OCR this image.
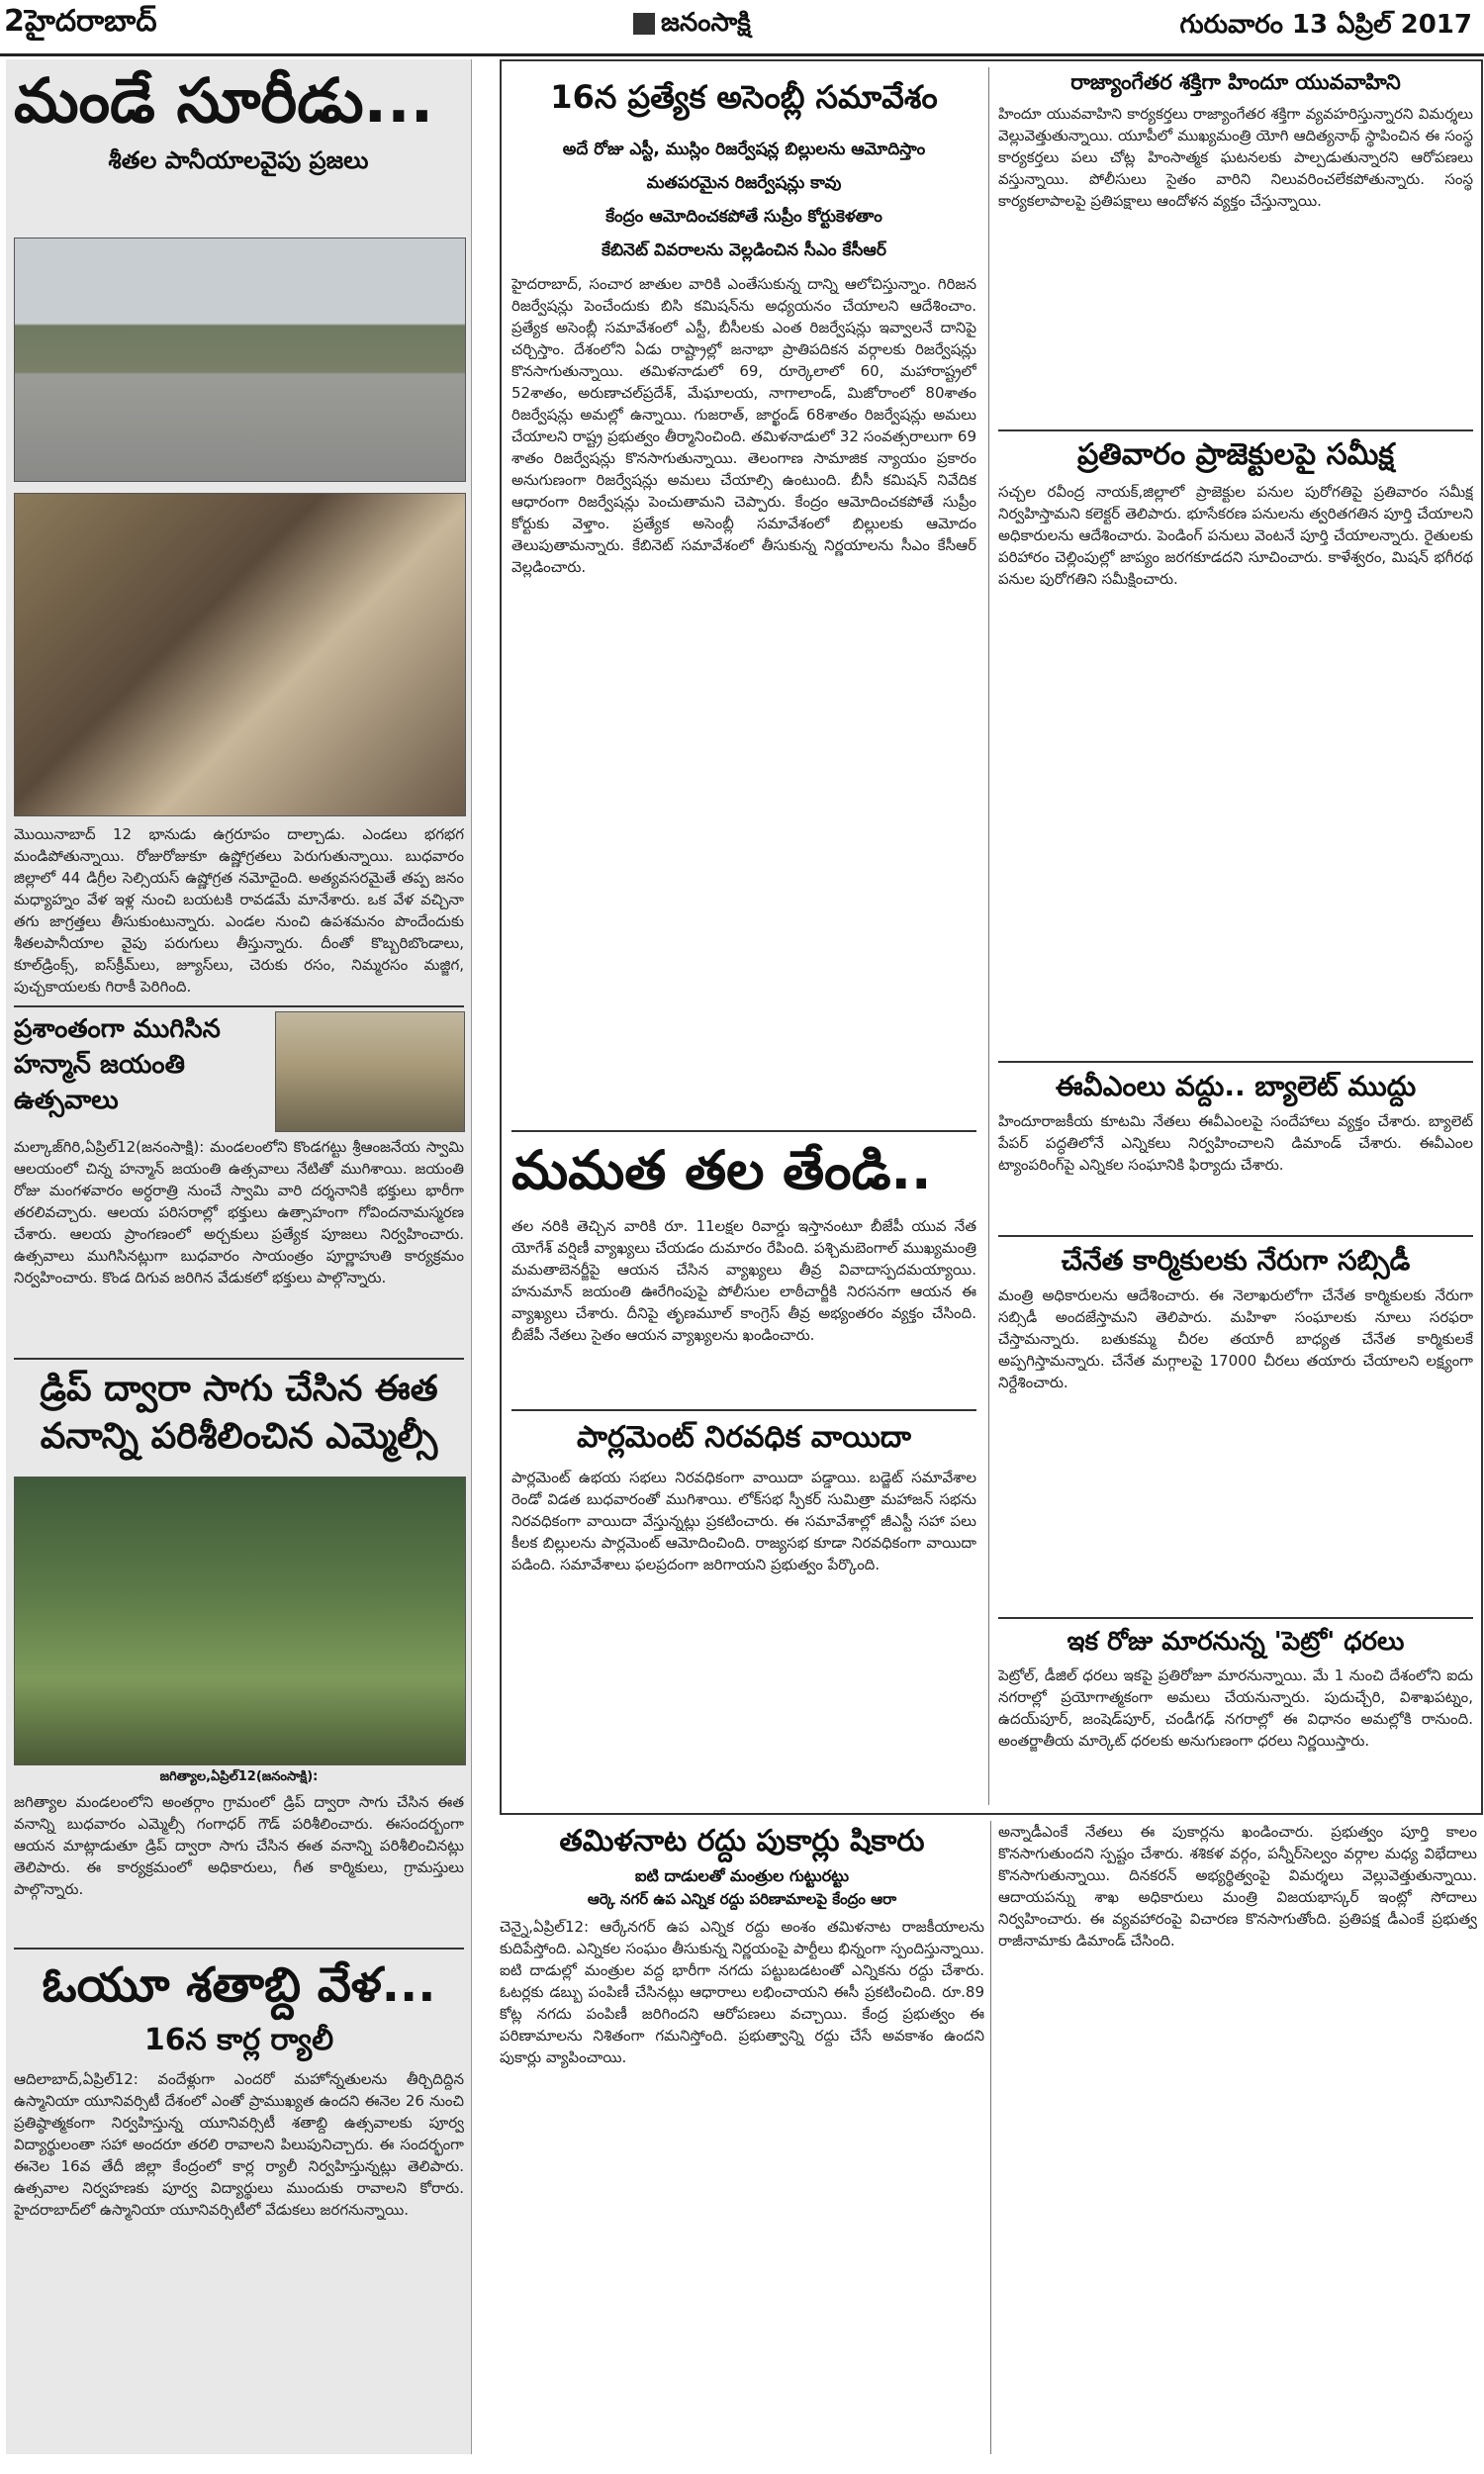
2హైదరాబాద్	జనంసాక్షి	గురువారం 13 ఏప్రిల్ 2017
మండే సూరీడు...
శీతల పానీయాలవైపు ప్రజలు

మొయినాబాద్ 12 భానుడు ఉగ్రరూపం దాల్చాడు. ఎండలు భగభగ మండిపోతున్నాయి. రోజురోజుకూ ఉష్ణోగ్రతలు పెరుగుతున్నాయి. బుధవారం జిల్లాలో 44 డిగ్రీల సెల్సియస్ ఉష్ణోగ్రత నమోదైంది. అత్యవసరమైతే తప్ప జనం మధ్యాహ్నం వేళ ఇళ్ల నుంచి బయటకి రావడమే మానేశారు. ఒక వేళ వచ్చినా తగు జాగ్రత్తలు తీసుకుంటున్నారు. ఎండల నుంచి ఉపశమనం పొందేందుకు శీతలపానీయాల వైపు పరుగులు తీస్తున్నారు. దీంతో కొబ్బరిబొండాలు, కూల్‌డ్రింక్స్, ఐస్‌క్రీమ్‌లు, జ్యూస్‌లు, చెరుకు రసం, నిమ్మరసం మజ్జిగ, పుచ్చకాయలకు గిరాకీ పెరిగింది.

ప్రశాంతంగా ముగిసిన హన్మాన్ జయంతి ఉత్సవాలు

మల్కాజ్‌గిరి,ఏప్రిల్12(జనంసాక్షి): మండలంలోని కొండగట్టు శ్రీఆంజనేయ స్వామి ఆలయంలో చిన్న హన్మాన్ జయంతి ఉత్సవాలు నేటితో ముగిశాయి. జయంతి రోజు మంగళవారం అర్ధరాత్రి నుంచే స్వామి వారి దర్శనానికి భక్తులు భారీగా తరలివచ్చారు. ఆలయ పరిసరాల్లో భక్తులు ఉత్సాహంగా గోవిందనామస్మరణ చేశారు. ఆలయ ప్రాంగణంలో అర్చకులు ప్రత్యేక పూజలు నిర్వహించారు. ఉత్సవాలు ముగిసినట్లుగా బుధవారం సాయంత్రం పూర్ణాహుతి కార్యక్రమం నిర్వహించారు. కొండ దిగువ జరిగిన వేడుకలో భక్తులు పాల్గొన్నారు.

డ్రిప్ ద్వారా సాగు చేసిన ఈత వనాన్ని పరిశీలించిన ఎమ్మెల్సీ
జగిత్యాల,ఏప్రిల్12(జనంసాక్షి):

జగిత్యాల మండలంలోని అంతర్గాం గ్రామంలో డ్రిప్ ద్వారా సాగు చేసిన ఈత వనాన్ని బుధవారం ఎమ్మెల్సీ గంగాధర్ గౌడ్ పరిశీలించారు. ఈసందర్బంగా ఆయన మాట్లాడుతూ డ్రిప్ ద్వారా సాగు చేసిన ఈత వనాన్ని పరిశీలించినట్లు తెలిపారు. ఈ కార్యక్రమంలో అధికారులు, గీత కార్మికులు, గ్రామస్తులు పాల్గొన్నారు.

ఓయూ శతాబ్ది వేళ...
16న కార్ల ర్యాలీ

ఆదిలాబాద్,ఏప్రిల్12: వందేళ్లుగా ఎందరో మహోన్నతులను తీర్చిదిద్దిన ఉస్మానియా యూనివర్సిటీ దేశంలో ఎంతో ప్రాముఖ్యత ఉందని ఈనెల 26 నుంచి ప్రతిష్ఠాత్మకంగా నిర్వహిస్తున్న యూనివర్సిటీ శతాబ్ది ఉత్సవాలకు పూర్వ విద్యార్థులంతా సహా అందరూ తరలి రావాలని పిలుపునిచ్చారు. ఈ సందర్భంగా ఈనెల 16వ తేదీ జిల్లా కేంద్రంలో కార్ల ర్యాలీ నిర్వహిస్తున్నట్లు తెలిపారు. ఉత్సవాల నిర్వహణకు పూర్వ విద్యార్థులు ముందుకు రావాలని కోరారు. హైదరాబాద్‌లో ఉస్మానియా యూనివర్సిటీలో వేడుకలు జరగనున్నాయి.

16న ప్రత్యేక అసెంబ్లీ సమావేశం
అదే రోజు ఎస్టీ, ముస్లిం రిజర్వేషన్ల బిల్లులను ఆమోదిస్తాం
మతపరమైన రిజర్వేషన్లు కావు
కేంద్రం ఆమోదించకపోతే సుప్రీం కోర్టుకెళతాం
కేబినెట్ వివరాలను వెల్లడించిన సీఎం కేసీఆర్

హైదరాబాద్, సంచార జాతుల వారికి ఎంతేసుకున్న దాన్ని ఆలోచిస్తున్నాం. గిరిజన రిజర్వేషన్లు పెంచేందుకు బిసి కమిషన్‌ను అధ్యయనం చేయాలని ఆదేశించాం. ప్రత్యేక అసెంబ్లీ సమావేశంలో ఎస్టీ, బీసీలకు ఎంత రిజర్వేషన్లు ఇవ్వాలనే దానిపై చర్చిస్తాం. దేశంలోని ఏడు రాష్ట్రాల్లో జనాభా ప్రాతిపదికన వర్గాలకు రిజర్వేషన్లు కొనసాగుతున్నాయి. తమిళనాడులో 69, రూర్కెలాలో 60, మహారాష్ట్రలో 52శాతం, అరుణాచల్‌ప్రదేశ్, మేఘాలయ, నాగాలాండ్, మిజోరాంలో 80శాతం రిజర్వేషన్లు అమల్లో ఉన్నాయి. గుజరాత్, జార్ఖండ్ 68శాతం రిజర్వేషన్లు అమలు చేయాలని రాష్ట్ర ప్రభుత్వం తీర్మానించింది. తమిళనాడులో 32 సంవత్సరాలుగా 69 శాతం రిజర్వేషన్లు కొనసాగుతున్నాయి. తెలంగాణ సామాజిక న్యాయం ప్రకారం అనుగుణంగా రిజర్వేషన్లు అమలు చేయాల్సి ఉంటుంది. బీసీ కమిషన్ నివేదిక ఆధారంగా రిజర్వేషన్లు పెంచుతామని చెప్పారు. కేంద్రం ఆమోదించకపోతే సుప్రీం కోర్టుకు వెళ్తాం. ప్రత్యేక అసెంబ్లీ సమావేశంలో బిల్లులకు ఆమోదం తెలుపుతామన్నారు. కేబినెట్ సమావేశంలో తీసుకున్న నిర్ణయాలను సీఎం కేసీఆర్ వెల్లడించారు.

మమత తల తేండి..

తల నరికి తెచ్చిన వారికి రూ. 11లక్షల రివార్డు ఇస్తానంటూ బీజేపీ యువ నేత యోగేశ్ వర్షిణీ వ్యాఖ్యలు చేయడం దుమారం రేపింది. పశ్చిమబెంగాల్ ముఖ్యమంత్రి మమతాబెనర్జీపై ఆయన చేసిన వ్యాఖ్యలు తీవ్ర వివాదాస్పదమయ్యాయి. హనుమాన్ జయంతి ఊరేగింపుపై పోలీసుల లాఠీచార్జీకి నిరసనగా ఆయన ఈ వ్యాఖ్యలు చేశారు. దీనిపై తృణమూల్ కాంగ్రెస్ తీవ్ర అభ్యంతరం వ్యక్తం చేసింది. బీజేపీ నేతలు సైతం ఆయన వ్యాఖ్యలను ఖండించారు.

పార్లమెంట్ నిరవధిక వాయిదా

పార్లమెంట్ ఉభయ సభలు నిరవధికంగా వాయిదా పడ్డాయి. బడ్జెట్ సమావేశాల రెండో విడత బుధవారంతో ముగిశాయి. లోక్‌సభ స్పీకర్ సుమిత్రా మహాజన్ సభను నిరవధికంగా వాయిదా వేస్తున్నట్లు ప్రకటించారు. ఈ సమావేశాల్లో జీఎస్టీ సహా పలు కీలక బిల్లులను పార్లమెంట్ ఆమోదించింది. రాజ్యసభ కూడా నిరవధికంగా వాయిదా పడింది. సమావేశాలు ఫలప్రదంగా జరిగాయని ప్రభుత్వం పేర్కొంది.

రాజ్యాంగేతర శక్తిగా హిందూ యువవాహిని

హిందూ యువవాహిని కార్యకర్తలు రాజ్యాంగేతర శక్తిగా వ్యవహరిస్తున్నారని విమర్శలు వెల్లువెత్తుతున్నాయి. యూపీలో ముఖ్యమంత్రి యోగి ఆదిత్యనాథ్ స్థాపించిన ఈ సంస్థ కార్యకర్తలు పలు చోట్ల హింసాత్మక ఘటనలకు పాల్పడుతున్నారని ఆరోపణలు వస్తున్నాయి. పోలీసులు సైతం వారిని నిలువరించలేకపోతున్నారు. సంస్థ కార్యకలాపాలపై ప్రతిపక్షాలు ఆందోళన వ్యక్తం చేస్తున్నాయి.

ప్రతివారం ప్రాజెక్టులపై సమీక్ష

సచ్చల రవీంద్ర నాయక్,జిల్లాలో ప్రాజెక్టుల పనుల పురోగతిపై ప్రతివారం సమీక్ష నిర్వహిస్తామని కలెక్టర్ తెలిపారు. భూసేకరణ పనులను త్వరితగతిన పూర్తి చేయాలని అధికారులను ఆదేశించారు. పెండింగ్ పనులు వెంటనే పూర్తి చేయాలన్నారు. రైతులకు పరిహారం చెల్లింపుల్లో జాప్యం జరగకూడదని సూచించారు. కాళేశ్వరం, మిషన్ భగీరథ పనుల పురోగతిని సమీక్షించారు.

ఈవీఎంలు వద్దు.. బ్యాలెట్ ముద్దు

హిందూరాజకీయ కూటమి నేతలు ఈవీఎంలపై సందేహాలు వ్యక్తం చేశారు. బ్యాలెట్ పేపర్ పద్ధతిలోనే ఎన్నికలు నిర్వహించాలని డిమాండ్ చేశారు. ఈవీఎంల ట్యాంపరింగ్‌పై ఎన్నికల సంఘానికి ఫిర్యాదు చేశారు.

చేనేత కార్మికులకు నేరుగా సబ్సిడీ

మంత్రి అధికారులను ఆదేశించారు. ఈ నెలాఖరులోగా చేనేత కార్మికులకు నేరుగా సబ్సిడీ అందజేస్తామని తెలిపారు. మహిళా సంఘాలకు నూలు సరఫరా చేస్తామన్నారు. బతుకమ్మ చీరల తయారీ బాధ్యత చేనేత కార్మికులకే అప్పగిస్తామన్నారు. చేనేత మగ్గాలపై 17000 చీరలు తయారు చేయాలని లక్ష్యంగా నిర్దేశించారు.

ఇక రోజు మారనున్న 'పెట్రో' ధరలు

పెట్రోల్, డీజిల్ ధరలు ఇకపై ప్రతిరోజూ మారనున్నాయి. మే 1 నుంచి దేశంలోని ఐదు నగరాల్లో ప్రయోగాత్మకంగా అమలు చేయనున్నారు. పుదుచ్చేరి, విశాఖపట్నం, ఉదయ్‌పూర్, జంషెడ్‌పూర్, చండీగఢ్ నగరాల్లో ఈ విధానం అమల్లోకి రానుంది. అంతర్జాతీయ మార్కెట్ ధరలకు అనుగుణంగా ధరలు నిర్ణయిస్తారు.

తమిళనాట రద్దు పుకార్లు షికారు
ఐటి దాడులతో మంత్రుల గుట్టురట్టు
ఆర్కె నగర్ ఉప ఎన్నిక రద్దు పరిణామాలపై కేంద్రం ఆరా

చెన్నై,ఏప్రిల్12: ఆర్కేనగర్ ఉప ఎన్నిక రద్దు అంశం తమిళనాట రాజకీయాలను కుదిపేస్తోంది. ఎన్నికల సంఘం తీసుకున్న నిర్ణయంపై పార్టీలు భిన్నంగా స్పందిస్తున్నాయి. ఐటి దాడుల్లో మంత్రుల వద్ద భారీగా నగదు పట్టుబడటంతో ఎన్నికను రద్దు చేశారు. ఓటర్లకు డబ్బు పంపిణీ చేసినట్లు ఆధారాలు లభించాయని ఈసీ ప్రకటించింది. రూ.89 కోట్ల నగదు పంపిణీ జరిగిందని ఆరోపణలు వచ్చాయి. కేంద్ర ప్రభుత్వం ఈ పరిణామాలను నిశితంగా గమనిస్తోంది. ప్రభుత్వాన్ని రద్దు చేసే అవకాశం ఉందని పుకార్లు వ్యాపించాయి.

అన్నాడీఎంకే నేతలు ఈ పుకార్లను ఖండించారు. ప్రభుత్వం పూర్తి కాలం కొనసాగుతుందని స్పష్టం చేశారు. శశికళ వర్గం, పన్నీర్‌సెల్వం వర్గాల మధ్య విభేదాలు కొనసాగుతున్నాయి. దినకరన్ అభ్యర్థిత్వంపై విమర్శలు వెల్లువెత్తుతున్నాయి. ఆదాయపన్ను శాఖ అధికారులు మంత్రి విజయభాస్కర్ ఇంట్లో సోదాలు నిర్వహించారు. ఈ వ్యవహారంపై విచారణ కొనసాగుతోంది. ప్రతిపక్ష డీఎంకే ప్రభుత్వ రాజీనామాకు డిమాండ్ చేసింది.
